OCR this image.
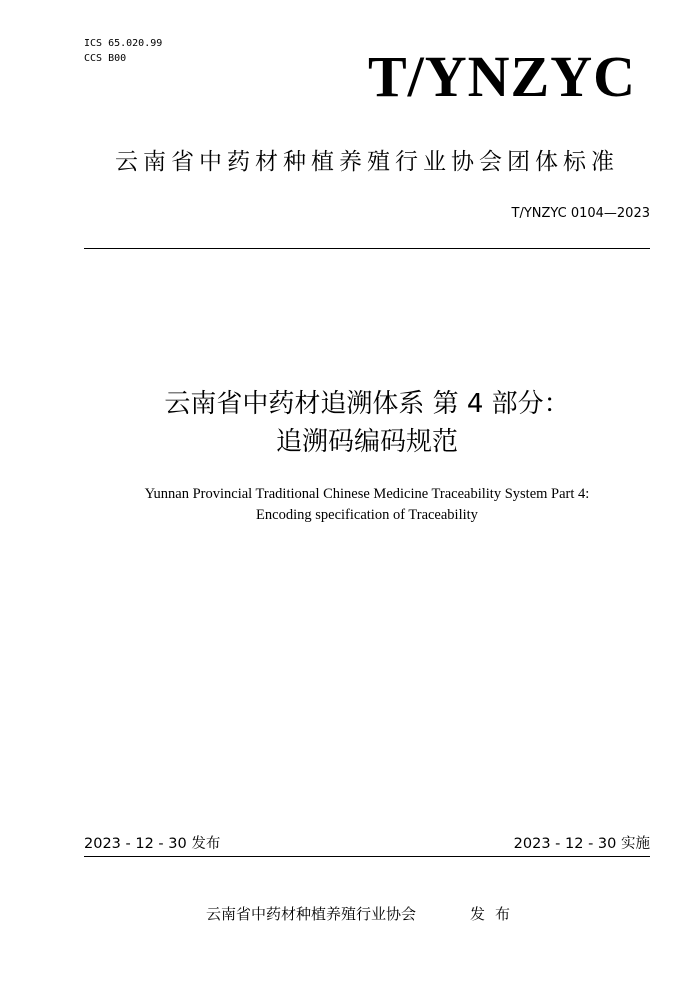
ICS 65.020.99
CCS B00	T/YNZYC
云南省中药材种植养殖行业协会团体标准
T/YNZYC 0104—2023
云南省中药材追溯体系 第 4 部分：
追溯码编码规范
Yunnan Provincial Traditional Chinese Medicine Traceability System Part 4:
Encoding specification of Traceability
2023 - 12 - 30 发布	2023 - 12 - 30 实施
云南省中药材种植养殖行业协会	发布
